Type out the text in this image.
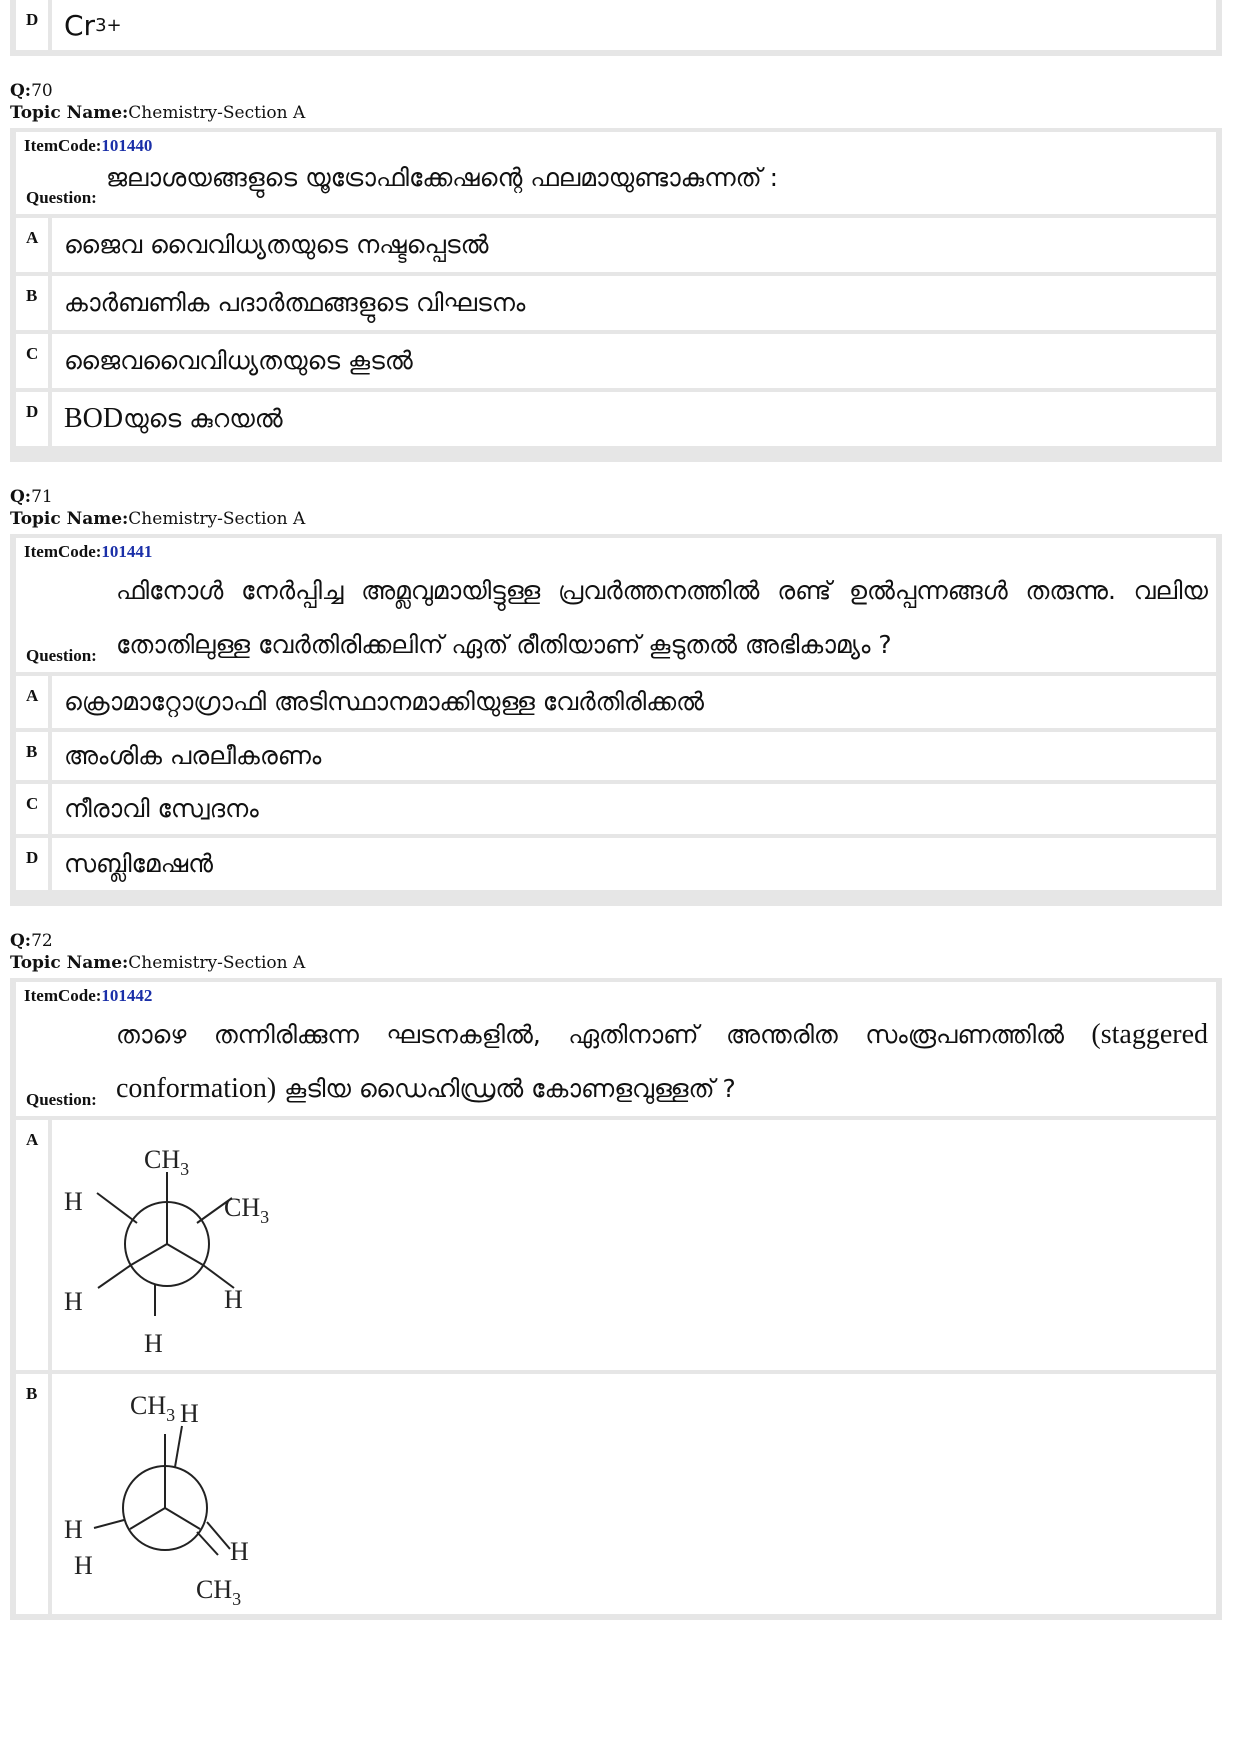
D Cr 3+
Q:70
Topic Name:Chemistry-Section A
ItemCode:101440
ജലാശയങ്ങളുടെ യൂട്രോഫിക്കേഷന്റെ ഫലമായുണ്ടാകുന്നത് :
Question:
A	ജൈവ വൈവിധ്യതയുടെ നഷ്ടപ്പെടൽ
B	കാർബണിക പദാർത്ഥങ്ങളുടെ വിഘടനം
C	ജൈവവൈവിധ്യതയുടെ കൂടൽ
D BOD യുടെ കുറയൽ
Q:71
Topic Name:Chemistry-Section A
ItemCode:101441
ഫിനോൾ നേർപ്പിച്ച അമ്ലവുമായിട്ടുള്ള പ്രവർത്തനത്തിൽ രണ്ട് ഉൽപ്പന്നങ്ങൾ തരുന്നു. വലിയ തോതിലുള്ള വേർതിരിക്കലിന് ഏത് രീതിയാണ് കൂടുതൽ അഭികാമ്യം ?
Question:
A	ക്രൊമാറ്റോഗ്രാഫി അടിസ്ഥാനമാക്കിയുള്ള വേർതിരിക്കൽ
B	അംശിക പരലീകരണം
C	നീരാവി സ്വേദനം
D	സബ്ലിമേഷൻ
Q:72
Topic Name:Chemistry-Section A
ItemCode:101442
താഴെ തന്നിരിക്കുന്ന ഘടനകളിൽ, ഏതിനാണ് അന്തരിത സംരൂപണത്തിൽ (staggered conformation) കൂടിയ ഡൈഹിഡ്രൽ കോണളവുള്ളത് ?
Question:
A
$CH_3$
H	$CH_3$
H	H
H
B	$CH_3$ H
H
H	H
$CH_3$
